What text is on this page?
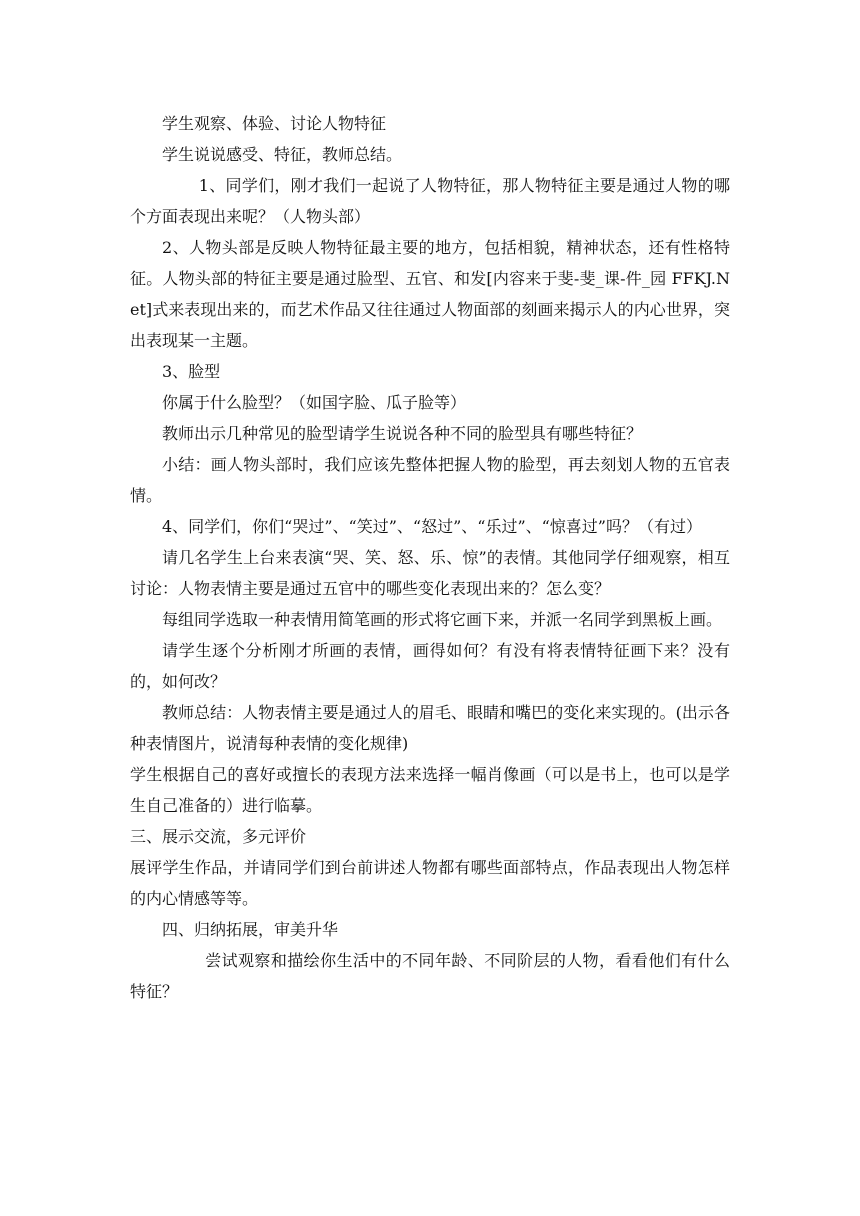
学生观察、体验、讨论人物特征

学生说说感受、特征，教师总结。

1、同学们，刚才我们一起说了人物特征，那人物特征主要是通过人物的哪个方面表现出来呢？（人物头部）

2、人物头部是反映人物特征最主要的地方，包括相貌，精神状态，还有性格特征。人物头部的特征主要是通过脸型、五官、和发[内容来于斐-斐_课-件_园 FFKJ.Net]式来表现出来的，而艺术作品又往往通过人物面部的刻画来揭示人的内心世界，突出表现某一主题。

3、脸型

你属于什么脸型？（如国字脸、瓜子脸等）

教师出示几种常见的脸型请学生说说各种不同的脸型具有哪些特征？

小结：画人物头部时，我们应该先整体把握人物的脸型，再去刻划人物的五官表情。

4、同学们，你们“哭过”、“笑过”、“怒过”、“乐过”、“惊喜过”吗？（有过）

请几名学生上台来表演“哭、笑、怒、乐、惊”的表情。其他同学仔细观察，相互讨论：人物表情主要是通过五官中的哪些变化表现出来的？怎么变？

每组同学选取一种表情用简笔画的形式将它画下来，并派一名同学到黑板上画。

请学生逐个分析刚才所画的表情，画得如何？有没有将表情特征画下来？没有的，如何改？

教师总结：人物表情主要是通过人的眉毛、眼睛和嘴巴的变化来实现的。(出示各种表情图片，说清每种表情的变化规律)

学生根据自己的喜好或擅长的表现方法来选择一幅肖像画（可以是书上，也可以是学生自己准备的）进行临摹。

三、展示交流，多元评价

展评学生作品，并请同学们到台前讲述人物都有哪些面部特点，作品表现出人物怎样的内心情感等等。

四、归纳拓展，审美升华

尝试观察和描绘你生活中的不同年龄、不同阶层的人物，看看他们有什么特征？
